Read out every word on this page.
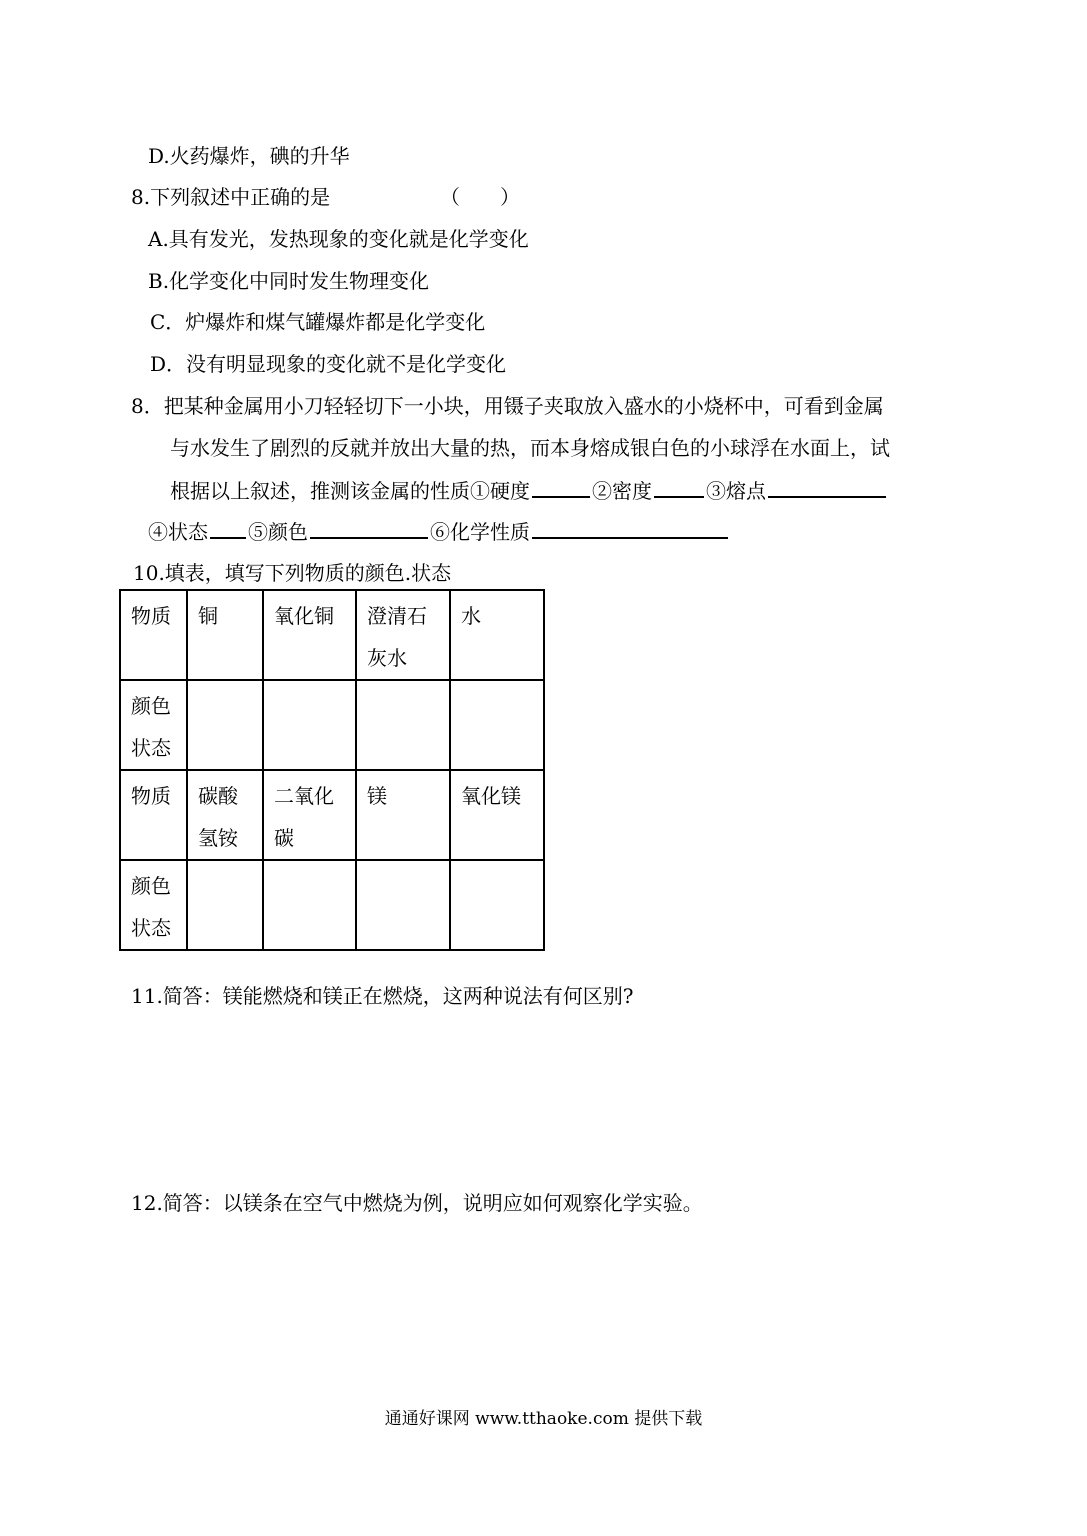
D.火药爆炸，碘的升华
8.下列叙述中正确的是	（　　）
A.具有发光，发热现象的变化就是化学变化
B.化学变化中同时发生物理变化
C．炉爆炸和煤气罐爆炸都是化学变化
D．没有明显现象的变化就不是化学变化
8．把某种金属用小刀轻轻切下一小块，用镊子夹取放入盛水的小烧杯中，可看到金属
与水发生了剧烈的反就并放出大量的热，而本身熔成银白色的小球浮在水面上，试
根据以上叙述，推测该金属的性质①硬度	②密度	③熔点
④状态 ⑤颜色	⑥化学性质
10.填表，填写下列物质的颜色.状态
物质	铜	氧化铜	澄清石灰水	水
颜色状态				
物质	碳酸氢铵	二氧化碳	镁	氧化镁
颜色状态				
11.简答：镁能燃烧和镁正在燃烧，这两种说法有何区别?
12.简答：以镁条在空气中燃烧为例，说明应如何观察化学实验。
通通好课网 www.tthaoke.com 提供下载
